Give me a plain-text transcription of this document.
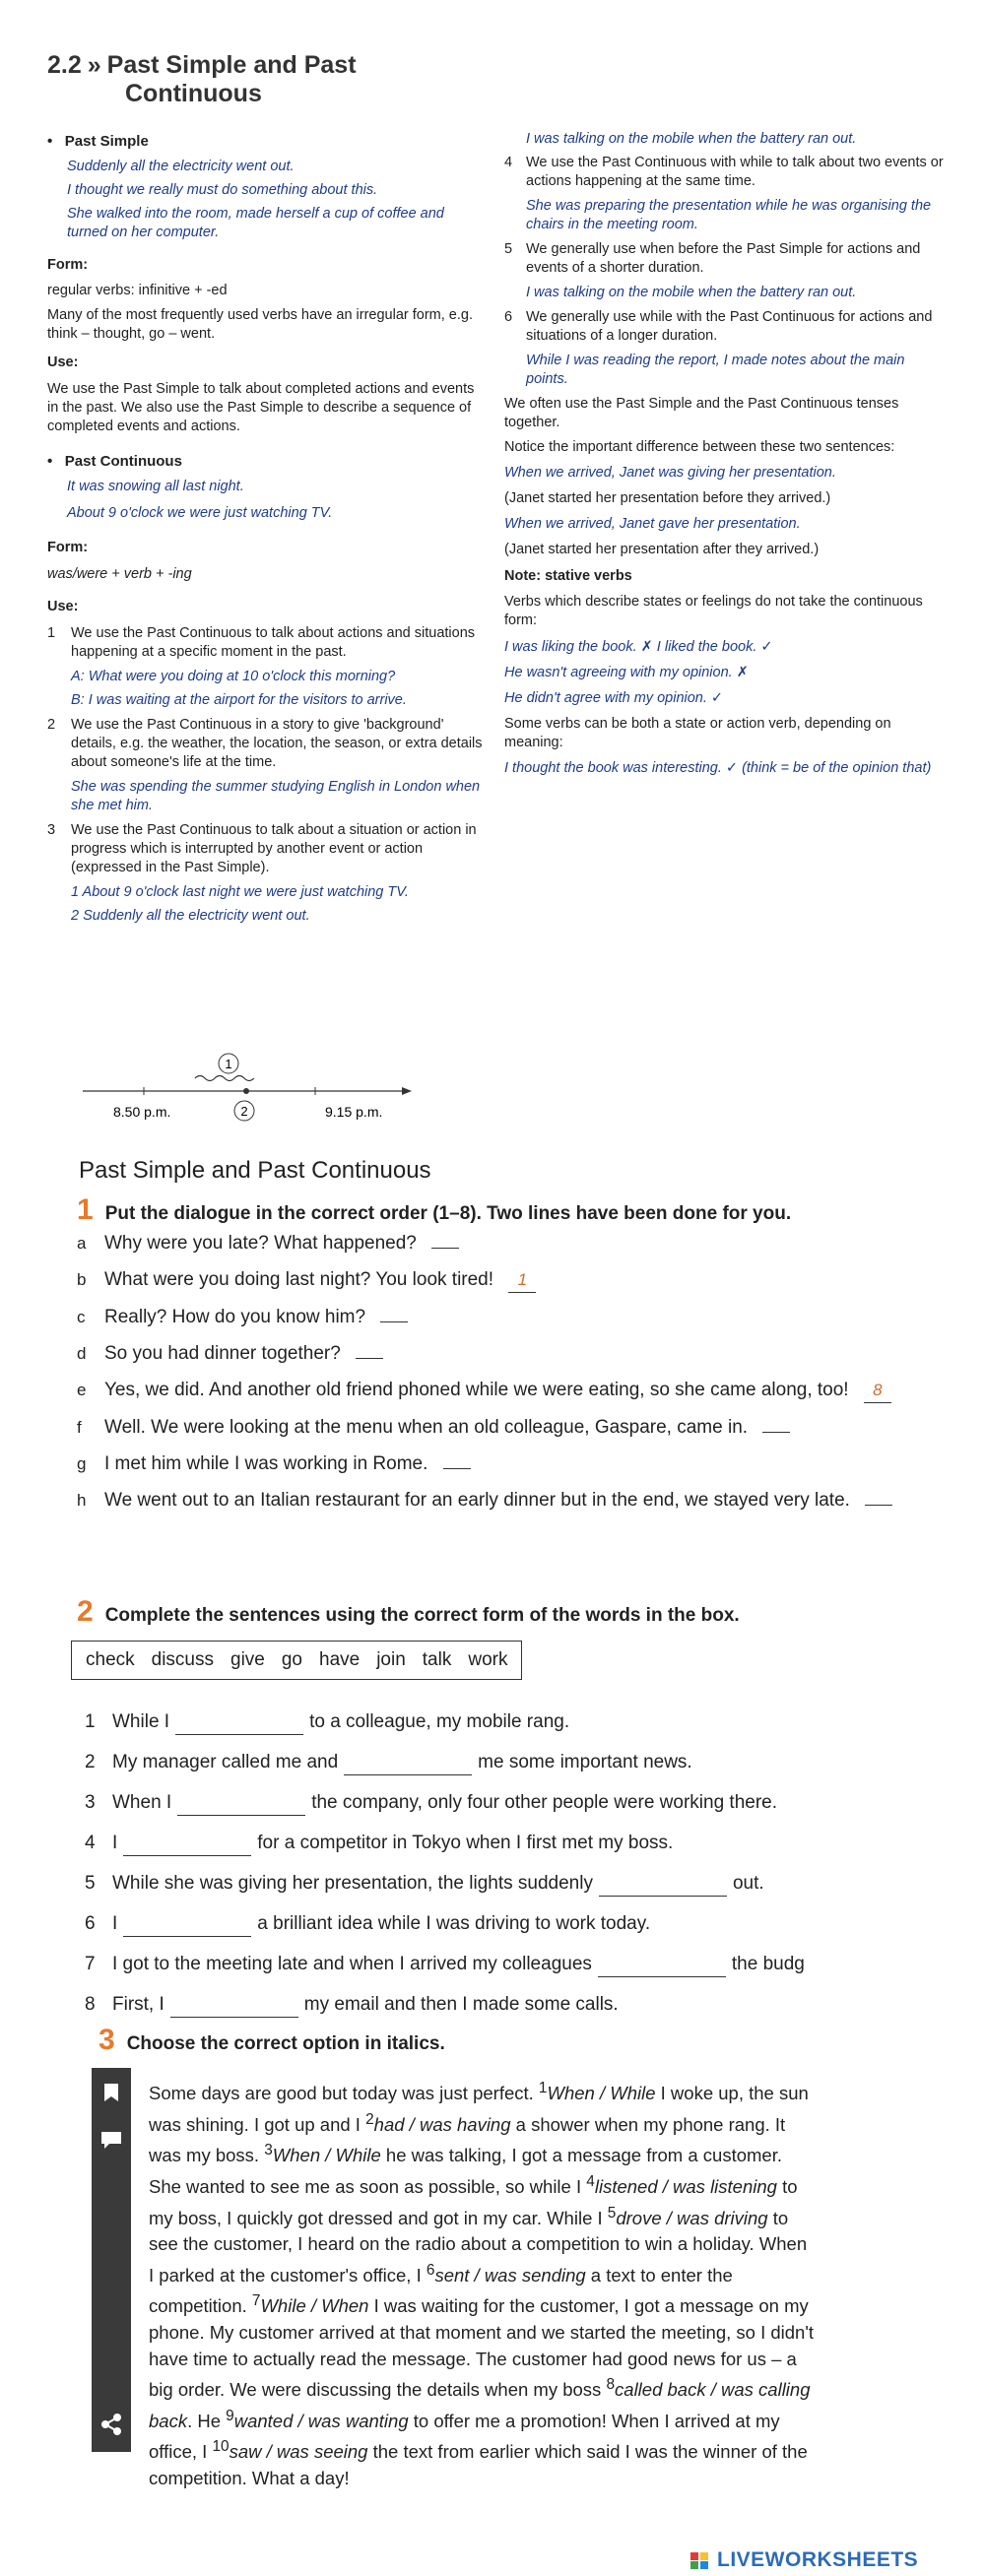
2.2 » Past Simple and Past
Continuous
•   Past Simple
Suddenly all the electricity went out.
I thought we really must do something about this.
She walked into the room, made herself a cup of coffee and turned on her computer.
Form:
regular verbs: infinitive + -ed
Many of the most frequently used verbs have an irregular form, e.g. think – thought, go – went.
Use:
We use the Past Simple to talk about completed actions and events in the past. We also use the Past Simple to describe a sequence of completed events and actions.
•   Past Continuous
It was snowing all last night.
About 9 o'clock we were just watching TV.
Form:
was/were + verb + -ing
Use:
1	We use the Past Continuous to talk about actions and situations happening at a specific moment in the past.
A: What were you doing at 10 o'clock this morning?
B: I was waiting at the airport for the visitors to arrive.
2	We use the Past Continuous in a story to give 'background' details, e.g. the weather, the location, the season, or extra details about someone's life at the time.
She was spending the summer studying English in London when she met him.
3	We use the Past Continuous to talk about a situation or action in progress which is interrupted by another event or action (expressed in the Past Simple).
1 About 9 o'clock last night we were just watching TV.
2 Suddenly all the electricity went out.
1
2
8.50 p.m.	9.15 p.m.
I was talking on the mobile when the battery ran out.
4 We use the Past Continuous with while to talk about two events or actions happening at the same time.
She was preparing the presentation while he was organising the chairs in the meeting room.
5 We generally use when before the Past Simple for actions and events of a shorter duration.
I was talking on the mobile when the battery ran out.
6 We generally use while with the Past Continuous for actions and situations of a longer duration.
While I was reading the report, I made notes about the main points.
We often use the Past Simple and the Past Continuous tenses together.
Notice the important difference between these two sentences:
When we arrived, Janet was giving her presentation.
(Janet started her presentation before they arrived.)
When we arrived, Janet gave her presentation.
(Janet started her presentation after they arrived.)
Note: stative verbs
Verbs which describe states or feelings do not take the continuous form:
I was liking the book. ✗ I liked the book. ✓
He wasn't agreeing with my opinion. ✗
He didn't agree with my opinion. ✓
Some verbs can be both a state or action verb, depending on meaning:
I thought the book was interesting. ✓ (think = be of the opinion that)
Past Simple and Past Continuous
1 Put the dialogue in the correct order (1–8). Two lines have been done for you.
a Why were you late? What happened?
b What were you doing last night? You look tired! 1
c	Really? How do you know him?
d So you had dinner together?
e Yes, we did. And another old friend phoned while we were eating, so she came along, too! 8
f	Well. We were looking at the menu when an old colleague, Gaspare, came in.
g I met him while I was working in Rome.
h We went out to an Italian restaurant for an early dinner but in the end, we stayed very late.
2 Complete the sentences using the correct form of the words in the box.
check discuss give go have join talk work
1 While I	to a colleague, my mobile rang.
2 My manager called me and	me some important news.
3 When I	the company, only four other people were working there.
4 I	for a competitor in Tokyo when I first met my boss.
5 While she was giving her presentation, the lights suddenly	out.
6 I	a brilliant idea while I was driving to work today.
7 I got to the meeting late and when I arrived my colleagues	the budg
8 First, I	my email and then I made some calls.
3 Choose the correct option in italics.
Some days are good but today was just perfect. $^1$When / While I woke up, the sun was shining. I got up and I $^2$had / was having a shower when my phone rang. It was my boss. $^3$When / While he was talking, I got a message from a customer. She wanted to see me as soon as possible, so while I $^4$listened / was listening to my boss, I quickly got dressed and got in my car. While I $^5$drove / was driving to see the customer, I heard on the radio about a competition to win a holiday. When I parked at the customer's office, I $^6$sent / was sending a text to enter the competition. $^7$While / When I was waiting for the customer, I got a message on my phone. My customer arrived at that moment and we started the meeting, so I didn't have time to actually read the message. The customer had good news for us – a big order. We were discussing the details when my boss $^8$called back / was calling back. He $^9$wanted / was wanting to offer me a promotion! When I arrived at my office, I $^{10}$saw / was seeing the text from earlier which said I was the winner of the competition. What a day!
LIVEWORKSHEETS
